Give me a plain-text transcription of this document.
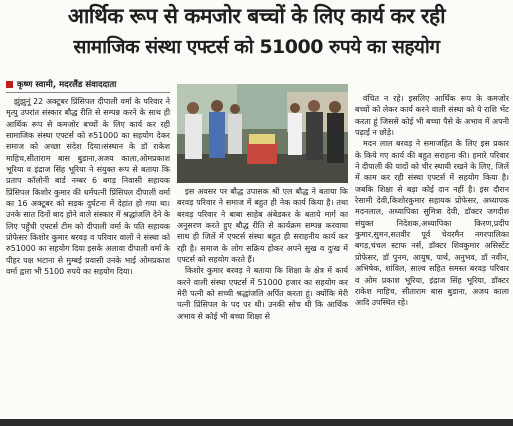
आर्थिक रूप से कमजोर बच्चों के लिए कार्य कर रही
सामाजिक संस्था एफ्टर्स को 51000 रुपये का सहयोग
कृष्ण स्वामी, मदरलैंड संवाददाता

झुंझुनूं 22 अक्टूबर प्रिंसिपल दीपाली वर्मा के परिवार ने मृत्यु उपरांत संस्कार बौद्ध रीति से सम्पन्न करने के साथ ही आर्थिक रूप से कमजोर बच्चों के लिए कार्य कर रही सामाजिक संस्था एफ्टर्स को रु51000 का सहयोग देकर समाज को अच्छा संदेश दिया।संस्थान के डॉ राकेश माहिच,सीताराम बास बुडाना,अजय काला,ओमप्रकाश भूरिया व इंद्राज सिंह भूरिया ने संयुक्त रूप से बताया कि प्रताप कॉलोनी बार्ड नम्बर 6 बगड़ निवासी सहायक प्रिंसिपल किशोर कुमार की धर्मपत्नी प्रिंसिपल दीपाली वर्मा का 16 अक्टूबर को सड़क दुर्घटना में देहांत हो गया था।उनके सात दिनों बाद होने वाले संस्कार में श्रद्धांजलि देने के लिए पहुँची एफ्टर्स टीम को दीपाली वर्मा के पति सहायक प्रोफेसर किशोर कुमार बरवड़ व परिवार वालों ने संस्था को रु51000 का सहयोग दिया इसके अलावा दीपाली वर्मा के पीहर पक्ष भटाना से मुम्बई प्रवासी उनके भाई ओमप्रकाश वर्मा द्वारा भी 5100 रुपये का सहयोग दिया।

इस अवसर पर बौद्ध उपासक श्री एल बौद्ध ने बताया कि बरवड़ परिवार ने समाज में बहुत ही नेक कार्य किया है। तथा बरवड़ परिवार ने बाबा साहेब अंबेडकर के बताये मार्ग का अनुसरण करते हुए बौद्ध रीति से कार्यक्रम सम्पन्न करवाया साथ ही जिलें में एफ्टर्स संस्था बहुत ही सराहनीय कार्य कर रही है। समाज के लोग सक्रिय होकर अपने सुख व दुःख में एफ्टर्स को सहयोग करते हैं।

किशोर कुमार बरवड़ ने बताया कि शिक्षा के क्षेत्र में कार्य करने वाली संस्था एफ्टर्स में 51000 हजार का सहयोग कर मेरी पत्नी को सच्ची श्रद्धांजलि अर्पित करता हूं। क्योंकि मेरी पत्नी प्रिंसिपल के पद पर थी। उनकी सोच थी कि आर्थिक अभाव से कोई भी बच्चा शिक्षा से

वंचित न रहे। इसलिए आर्थिक रूप के कमजोर बच्चों को लेकर कार्य करने वाली संस्था को ये राशि भेंट करता हूं जिससे कोई भी बच्चा पैसे के अभाव में अपनी पढ़ाई न छोड़े।

मदन लाल बरवड़ ने समाजहित के लिए इस प्रकार के किये गए कार्य की बहुत सराहना की। हमारे परिवार ने दीपाली की यादों को चीर स्थायी रखने के लिए, जिलें में काम कर रही संस्था एफ्टर्स में सहयोग किया है। जबकि शिक्षा से बड़ा कोई दान नहीं है। इस दौरान रेसामी देवी,किशोरकुमार सहायक प्रोफेसर, अध्यापक मदनलाल, अध्यापिका सुमित्रा देवी, डॉक्टर जगदीश संयुक्त निदेशक,अध्यापिका किरण,प्रदीप कुमार,सुमन,सतवीर पूर्व चेयरमैन नगरपालिका बगड़,चंचल स्टाफ नर्स, डॉक्टर शिवकुमार असिस्टेंट प्रोफेसर, डॉ पुनम, आयुष, पार्थ, अनुभव, डॉ नवीन, अभिषेक, शांविल, साल्व सहित समस्त बरवड़ परिवार व ओम प्रकाश भूरिया, इंद्राज सिंह भूरिया, डॉक्टर राकेश माहिच, सीताराम बास बुडाना, अजय काला आदि उपस्थित रहे।
